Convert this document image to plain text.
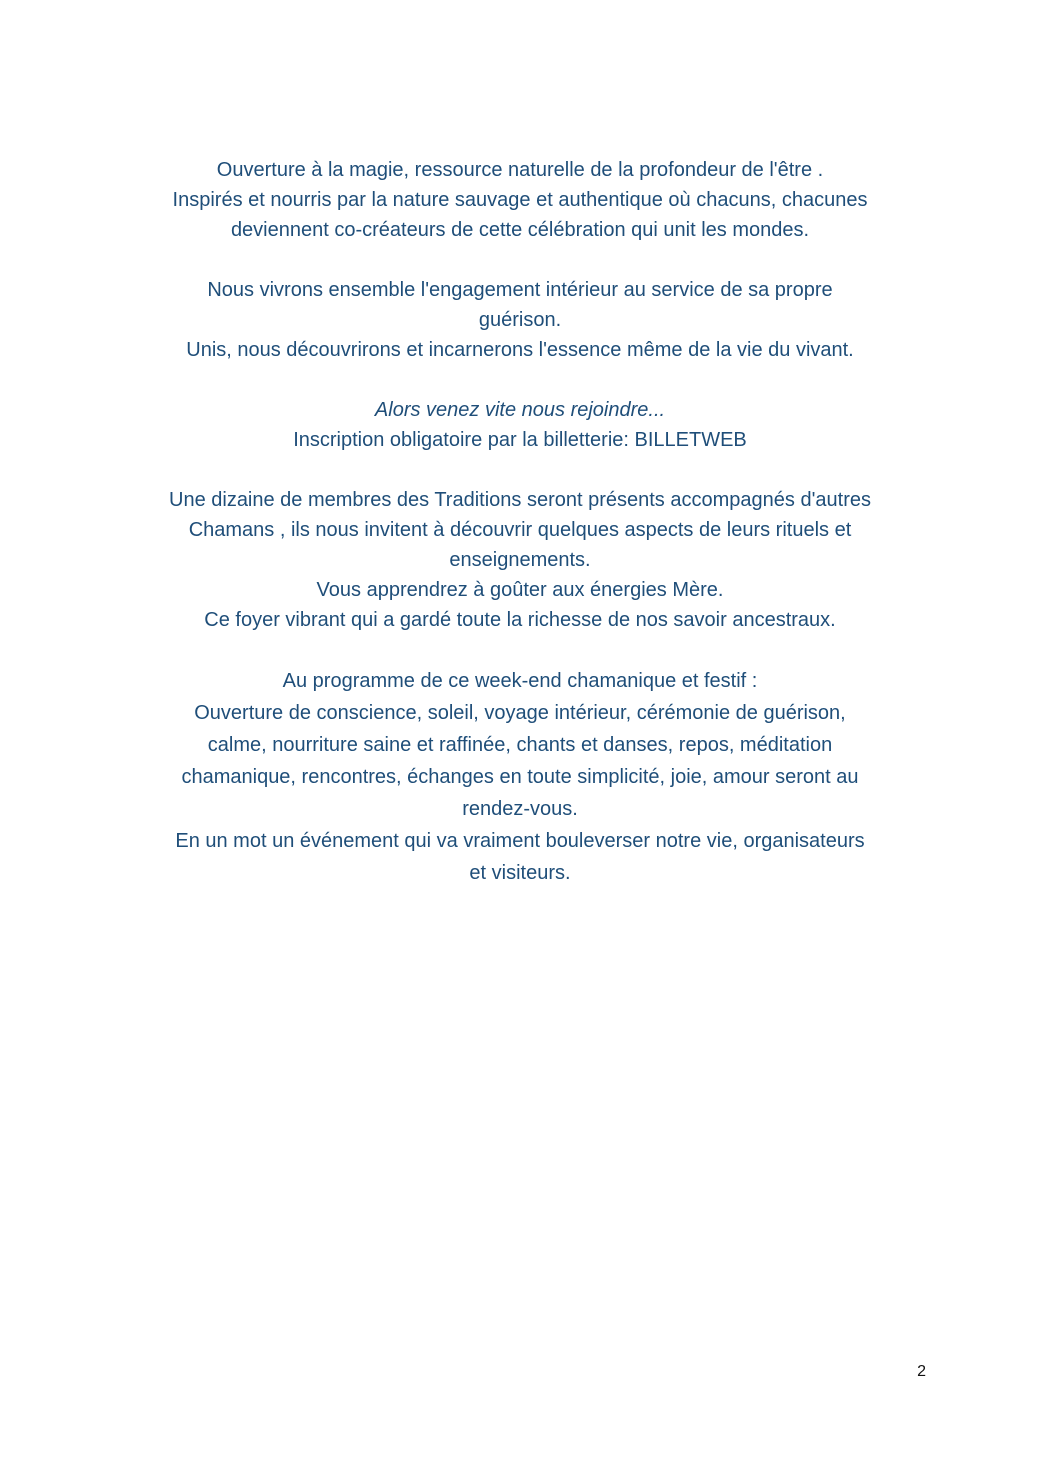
Ouverture à la magie, ressource naturelle de la profondeur de l'être .
Inspirés et nourris par la nature sauvage et authentique où chacuns, chacunes
deviennent co-créateurs de cette célébration qui unit les mondes.

Nous vivrons ensemble l'engagement intérieur au service de sa propre
guérison.
Unis, nous découvrirons et incarnerons l'essence même de la vie du vivant.

Alors venez vite nous rejoindre...
Inscription obligatoire par la billetterie: BILLETWEB

Une dizaine de membres des Traditions seront présents accompagnés d'autres
Chamans , ils nous invitent à découvrir quelques aspects de leurs rituels et
enseignements.
Vous apprendrez à goûter aux énergies Mère.
Ce foyer vibrant qui a gardé toute la richesse de nos savoir ancestraux.

Au programme de ce week-end chamanique et festif :
Ouverture de conscience, soleil, voyage intérieur, cérémonie de guérison,
calme, nourriture saine et raffinée, chants et danses, repos, méditation
chamanique, rencontres, échanges en toute simplicité, joie, amour seront au
rendez-vous.
En un mot un événement qui va vraiment bouleverser notre vie, organisateurs
et visiteurs.

2
